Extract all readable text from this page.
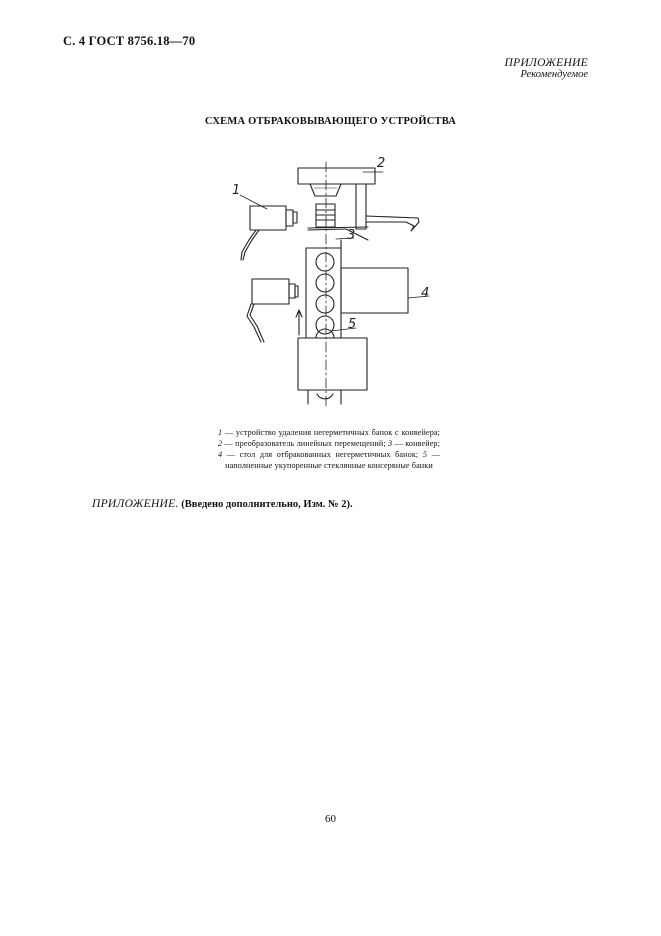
С. 4 ГОСТ 8756.18—70
ПРИЛОЖЕНИЕ
Рекомендуемое
СХЕМА ОТБРАКОВЫВАЮЩЕГО УСТРОЙСТВА
1
2
3
4
5
1 — устройство удаления негерметичных банок с конвейера; 2 — преобразователь линейных перемещений; 3 — конвейер; 4 — стол для отбракованных негерметичных банок; 5 — наполненные укупоренные стеклянные консервные банки
ПРИЛОЖЕНИЕ. (Введено дополнительно, Изм. № 2).
60
